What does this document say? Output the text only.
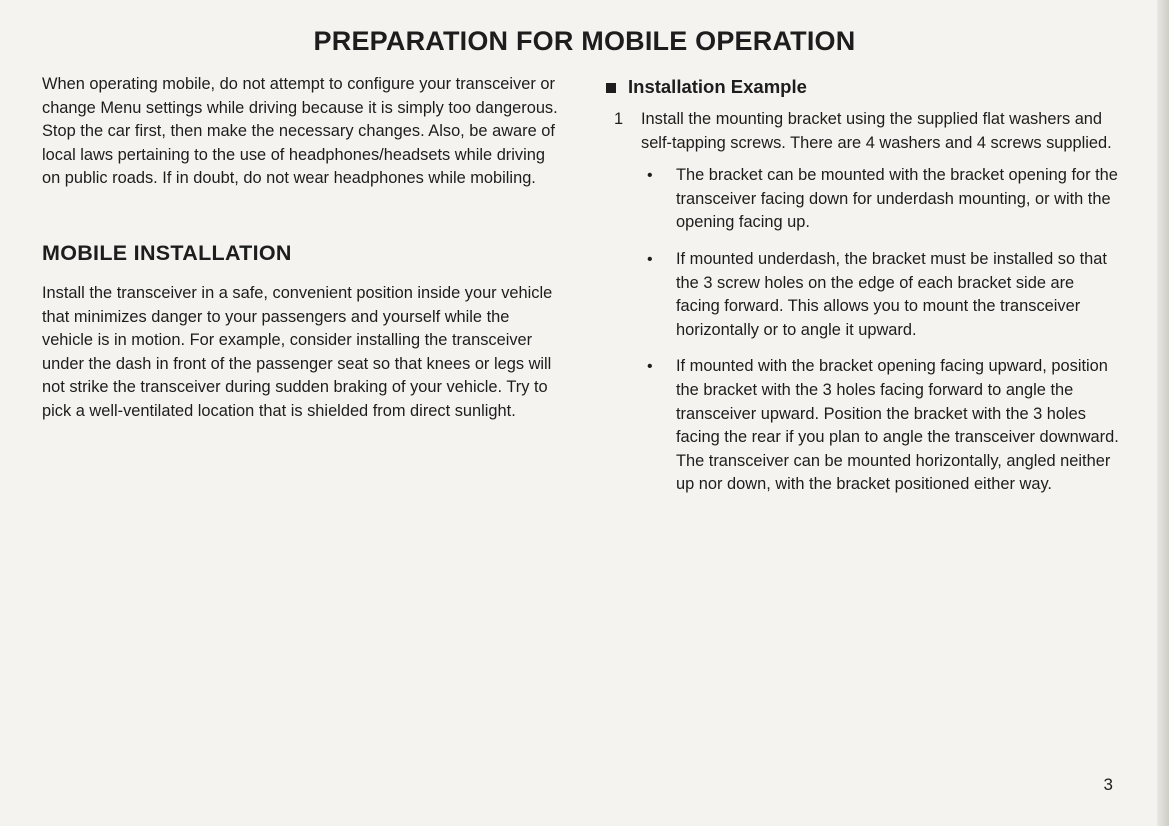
PREPARATION FOR MOBILE OPERATION

When operating mobile, do not attempt to configure your transceiver or change Menu settings while driving because it is simply too dangerous. Stop the car first, then make the necessary changes. Also, be aware of local laws pertaining to the use of headphones/headsets while driving on public roads. If in doubt, do not wear headphones while mobiling.

MOBILE INSTALLATION

Install the transceiver in a safe, convenient position inside your vehicle that minimizes danger to your passengers and yourself while the vehicle is in motion. For example, consider installing the transceiver under the dash in front of the passenger seat so that knees or legs will not strike the transceiver during sudden braking of your vehicle. Try to pick a well-ventilated location that is shielded from direct sunlight.

Installation Example
1	Install the mounting bracket using the supplied flat washers and self-tapping screws. There are 4 washers and 4 screws supplied.

•	The bracket can be mounted with the bracket opening for the transceiver facing down for underdash mounting, or with the opening facing up.

•	If mounted underdash, the bracket must be installed so that the 3 screw holes on the edge of each bracket side are facing forward. This allows you to mount the transceiver horizontally or to angle it upward.

•	If mounted with the bracket opening facing upward, position the bracket with the 3 holes facing forward to angle the transceiver upward. Position the bracket with the 3 holes facing the rear if you plan to angle the transceiver downward. The transceiver can be mounted horizontally, angled neither up nor down, with the bracket positioned either way.

3
